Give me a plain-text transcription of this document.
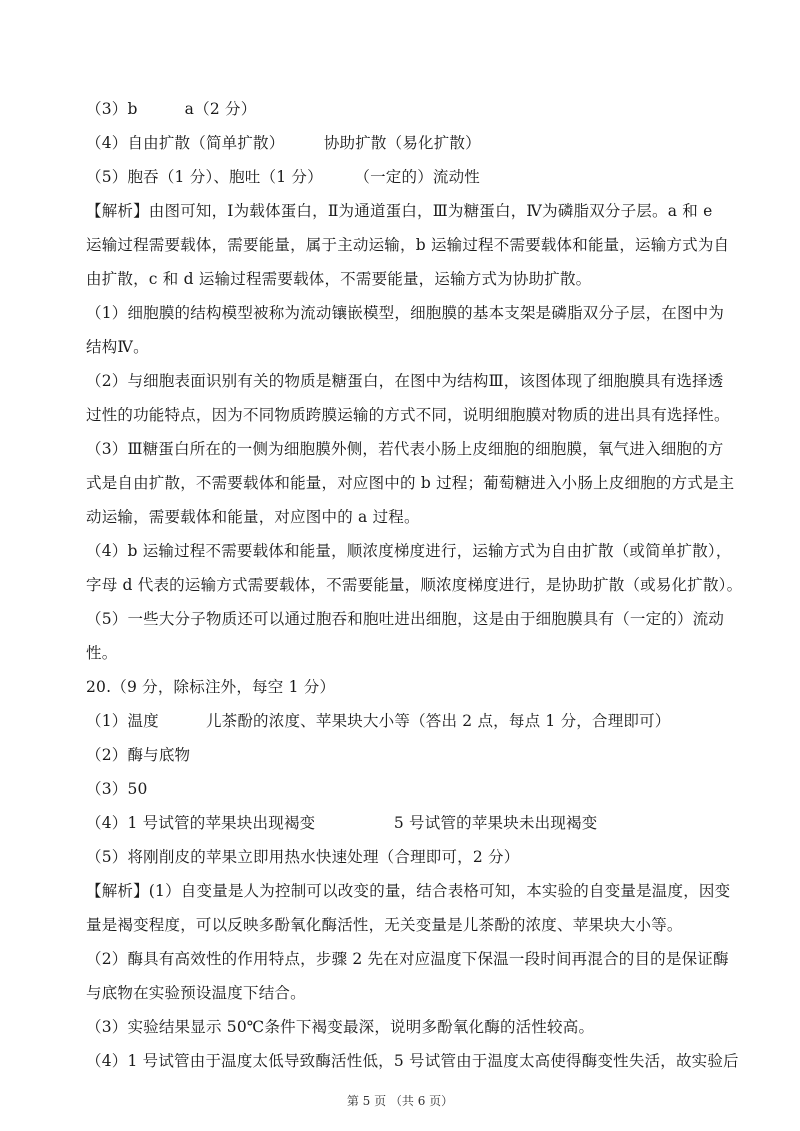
（3）b　　　a（2 分）
（4）自由扩散（简单扩散）　　　协助扩散（易化扩散）
（5）胞吞（1 分）、胞吐（1 分）　　　（一定的）流动性
【解析】由图可知，Ⅰ为载体蛋白，Ⅱ为通道蛋白，Ⅲ为糖蛋白，Ⅳ为磷脂双分子层。a 和 e
运输过程需要载体，需要能量，属于主动运输，b 运输过程不需要载体和能量，运输方式为自
由扩散，c 和 d 运输过程需要载体，不需要能量，运输方式为协助扩散。
（1）细胞膜的结构模型被称为流动镶嵌模型，细胞膜的基本支架是磷脂双分子层，在图中为
结构Ⅳ。
（2）与细胞表面识别有关的物质是糖蛋白，在图中为结构Ⅲ，该图体现了细胞膜具有选择透
过性的功能特点，因为不同物质跨膜运输的方式不同，说明细胞膜对物质的进出具有选择性。
（3）Ⅲ糖蛋白所在的一侧为细胞膜外侧，若代表小肠上皮细胞的细胞膜，氧气进入细胞的方
式是自由扩散，不需要载体和能量，对应图中的 b 过程；葡萄糖进入小肠上皮细胞的方式是主
动运输，需要载体和能量，对应图中的 a 过程。
（4）b 运输过程不需要载体和能量，顺浓度梯度进行，运输方式为自由扩散（或简单扩散），
字母 d 代表的运输方式需要载体，不需要能量，顺浓度梯度进行，是协助扩散（或易化扩散）。
（5）一些大分子物质还可以通过胞吞和胞吐进出细胞，这是由于细胞膜具有（一定的）流动
性。
20.（9 分，除标注外，每空 1 分）
（1）温度　　　儿茶酚的浓度、苹果块大小等（答出 2 点，每点 1 分，合理即可）
（2）酶与底物
（3）50
（4）1 号试管的苹果块出现褐变　　　　　5 号试管的苹果块未出现褐变
（5）将刚削皮的苹果立即用热水快速处理（合理即可，2 分）
【解析】(1）自变量是人为控制可以改变的量，结合表格可知，本实验的自变量是温度，因变
量是褐变程度，可以反映多酚氧化酶活性，无关变量是儿茶酚的浓度、苹果块大小等。
（2）酶具有高效性的作用特点，步骤 2 先在对应温度下保温一段时间再混合的目的是保证酶
与底物在实验预设温度下结合。
（3）实验结果显示 50℃条件下褐变最深，说明多酚氧化酶的活性较高。
（4）1 号试管由于温度太低导致酶活性低，5 号试管由于温度太高使得酶变性失活，故实验后
第 5 页 （共 6 页）
